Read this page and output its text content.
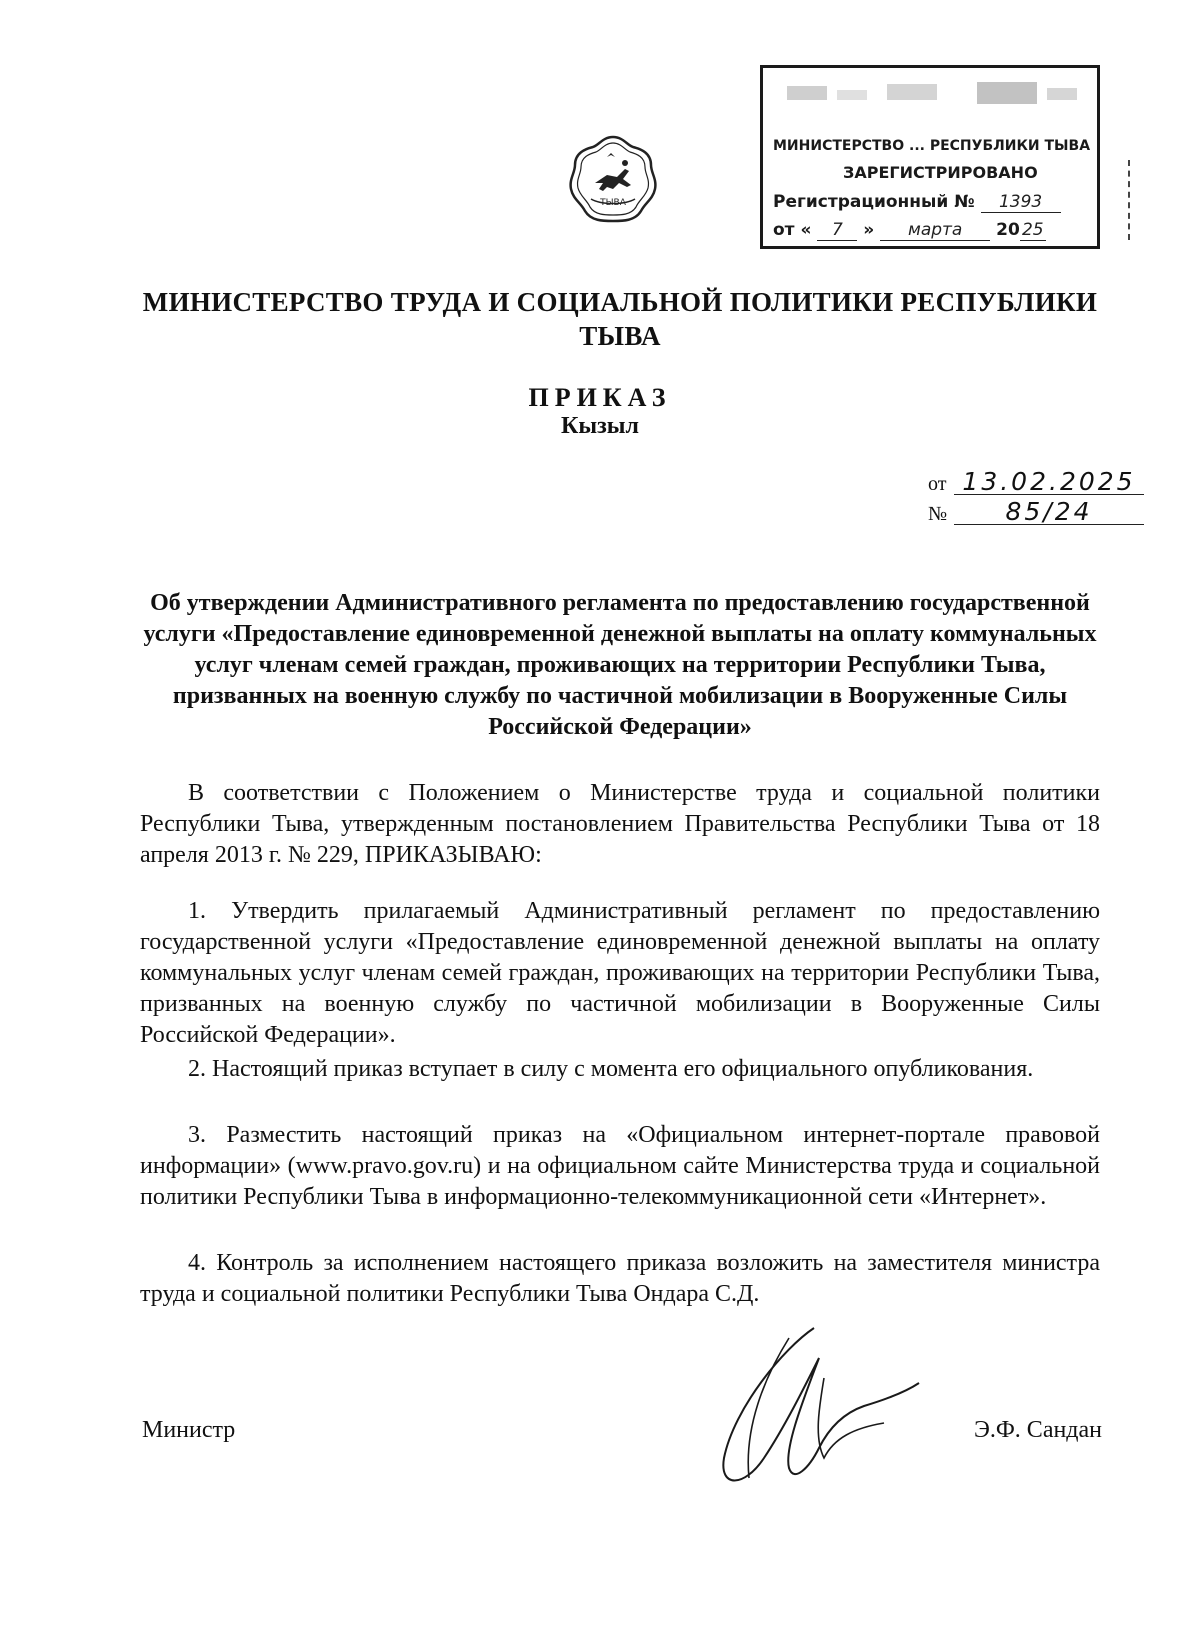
ТЫВА
МИНИСТЕРСТВО ... РЕСПУБЛИКИ ТЫВА
ЗАРЕГИСТРИРОВАНО
Регистрационный № 1393
от « 7 » марта 20 25
МИНИСТЕРСТВО ТРУДА И СОЦИАЛЬНОЙ ПОЛИТИКИ РЕСПУБЛИКИ
ТЫВА
ПРИКАЗ
Кызыл
от 13.02.2025
№ 85/24
Об утверждении Административного регламента по предоставлению государственной услуги «Предоставление единовременной денежной выплаты на оплату коммунальных услуг членам семей граждан, проживающих на территории Республики Тыва, призванных на военную службу по частичной мобилизации в Вооруженные Силы Российской Федерации»
В соответствии с Положением о Министерстве труда и социальной политики Республики Тыва, утвержденным постановлением Правительства Республики Тыва от 18 апреля 2013 г. № 229, ПРИКАЗЫВАЮ:
1. Утвердить прилагаемый Административный регламент по предоставлению государственной услуги «Предоставление единовременной денежной выплаты на оплату коммунальных услуг членам семей граждан, проживающих на территории Республики Тыва, призванных на военную службу по частичной мобилизации в Вооруженные Силы Российской Федерации».
2. Настоящий приказ вступает в силу с момента его официального опубликования.
3. Разместить настоящий приказ на «Официальном интернет-портале правовой информации» (www.pravo.gov.ru) и на официальном сайте Министерства труда и социальной политики Республики Тыва в информационно-телекоммуникационной сети «Интернет».
4. Контроль за исполнением настоящего приказа возложить на заместителя министра труда и социальной политики Республики Тыва Ондара С.Д.
Министр	Э.Ф. Сандан
